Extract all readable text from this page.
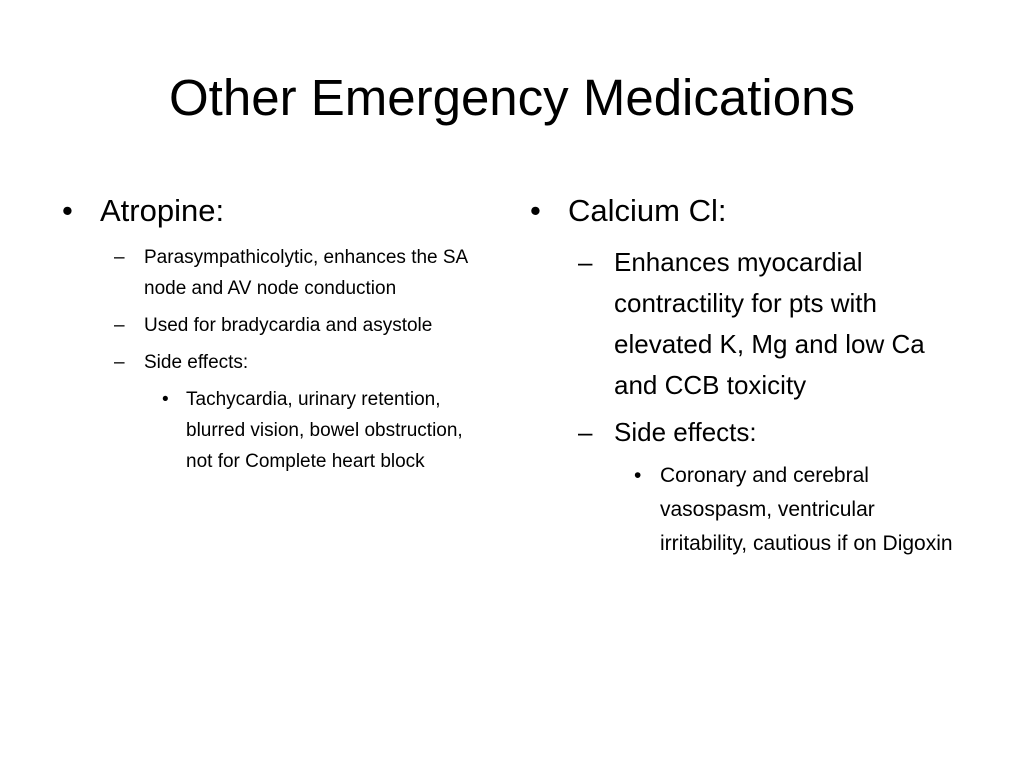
Other Emergency Medications
• Atropine:
– Parasympathicolytic, enhances the SA node and AV node conduction
– Used for bradycardia and asystole
– Side effects:
• Tachycardia, urinary retention, blurred vision, bowel obstruction, not for Complete heart block
• Calcium Cl:
– Enhances myocardial contractility for pts with elevated K, Mg and low Ca and CCB toxicity
– Side effects:
• Coronary and cerebral vasospasm, ventricular irritability, cautious if on Digoxin
